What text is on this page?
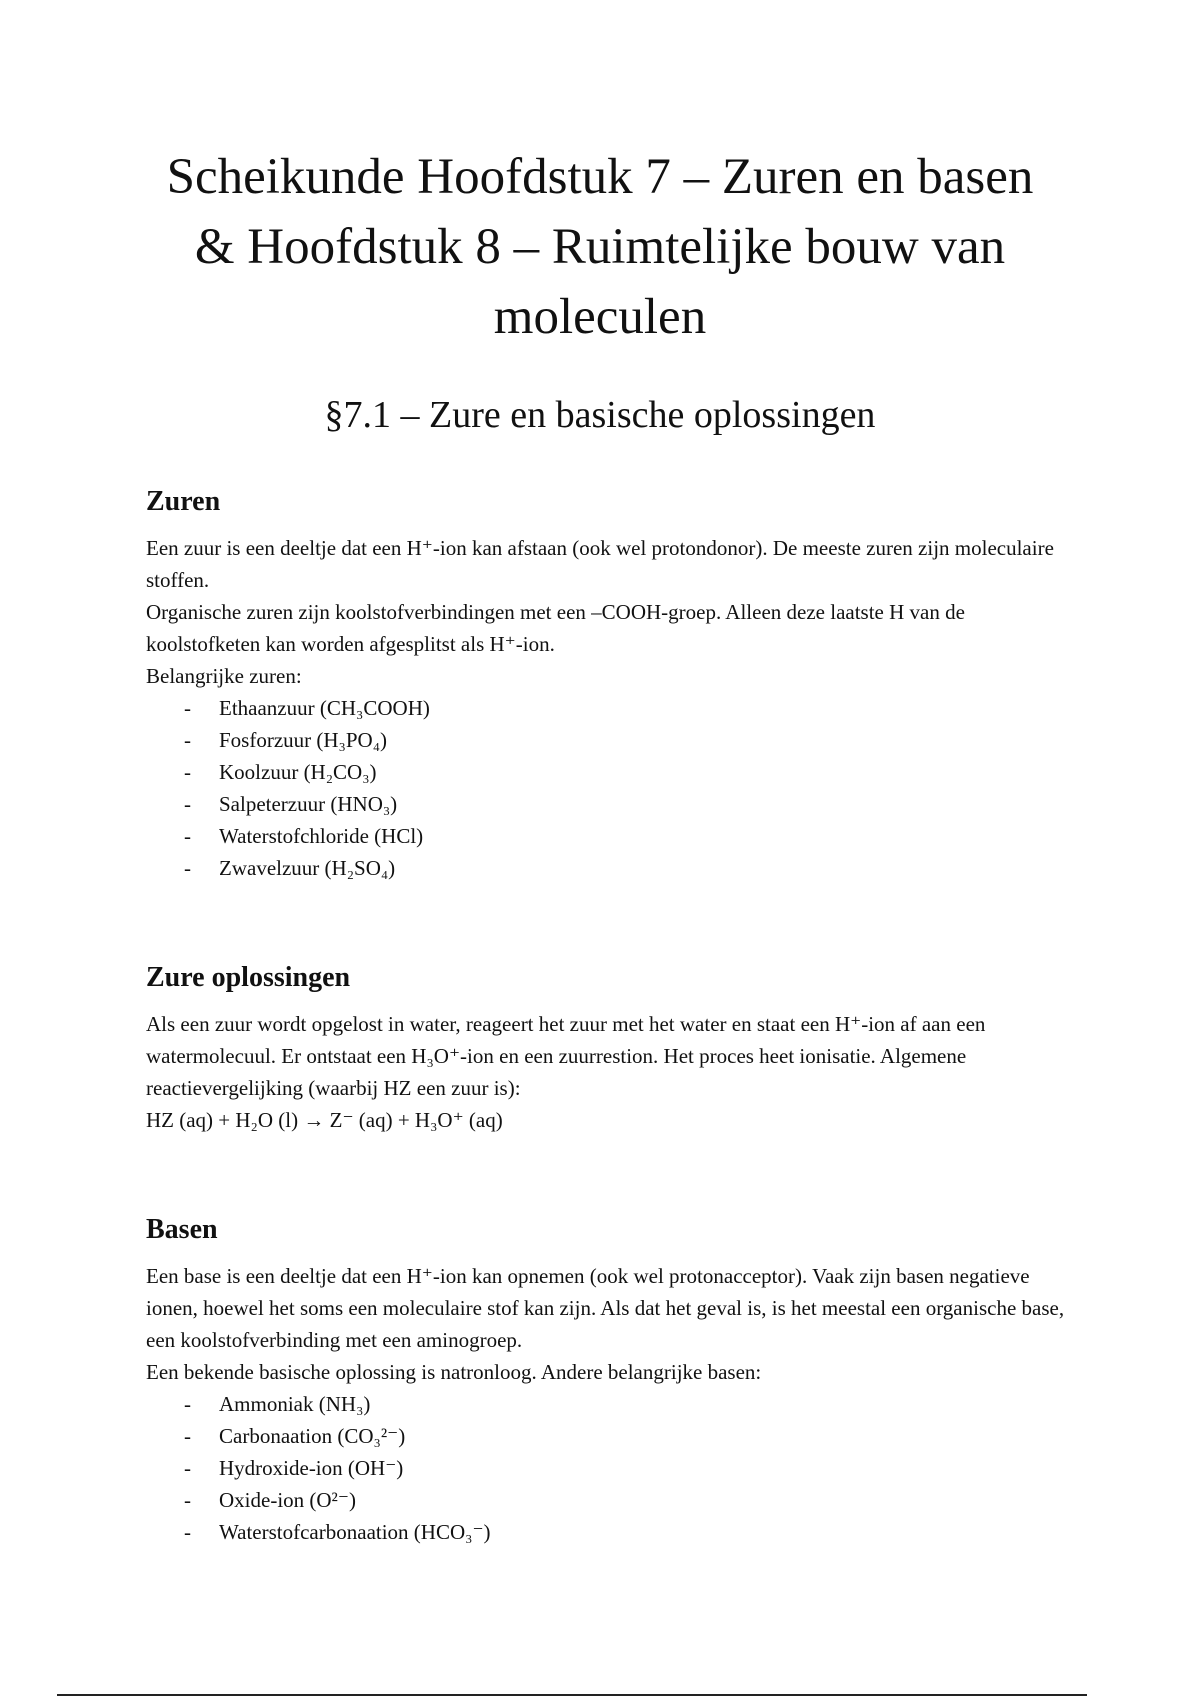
Scheikunde Hoofdstuk 7 – Zuren en basen
& Hoofdstuk 8 – Ruimtelijke bouw van
moleculen
§7.1 – Zure en basische oplossingen
Zuren

Een zuur is een deeltje dat een H⁺-ion kan afstaan (ook wel protondonor). De meeste zuren zijn moleculaire stoffen.

Organische zuren zijn koolstofverbindingen met een –COOH-groep. Alleen deze laatste H van de koolstofketen kan worden afgesplitst als H⁺-ion.

Belangrijke zuren:

- Ethaanzuur (CH₃COOH)
- Fosforzuur (H₃PO₄)
- Koolzuur (H₂CO₃)
- Salpeterzuur (HNO₃)
- Waterstofchloride (HCl)
- Zwavelzuur (H₂SO₄)
Zure oplossingen

Als een zuur wordt opgelost in water, reageert het zuur met het water en staat een H⁺-ion af aan een watermolecuul. Er ontstaat een H₃O⁺-ion en een zuurrestion. Het proces heet ionisatie. Algemene reactievergelijking (waarbij HZ een zuur is):

HZ (aq) + H₂O (l) → Z⁻ (aq) + H₃O⁺ (aq)

Basen

Een base is een deeltje dat een H⁺-ion kan opnemen (ook wel protonacceptor). Vaak zijn basen negatieve ionen, hoewel het soms een moleculaire stof kan zijn. Als dat het geval is, is het meestal een organische base, een koolstofverbinding met een aminogroep.

Een bekende basische oplossing is natronloog. Andere belangrijke basen:

- Ammoniak (NH₃)
- Carbonaation (CO₃²⁻)
- Hydroxide-ion (OH⁻)
- Oxide-ion (O²⁻)
- Waterstofcarbonaation (HCO₃⁻)
